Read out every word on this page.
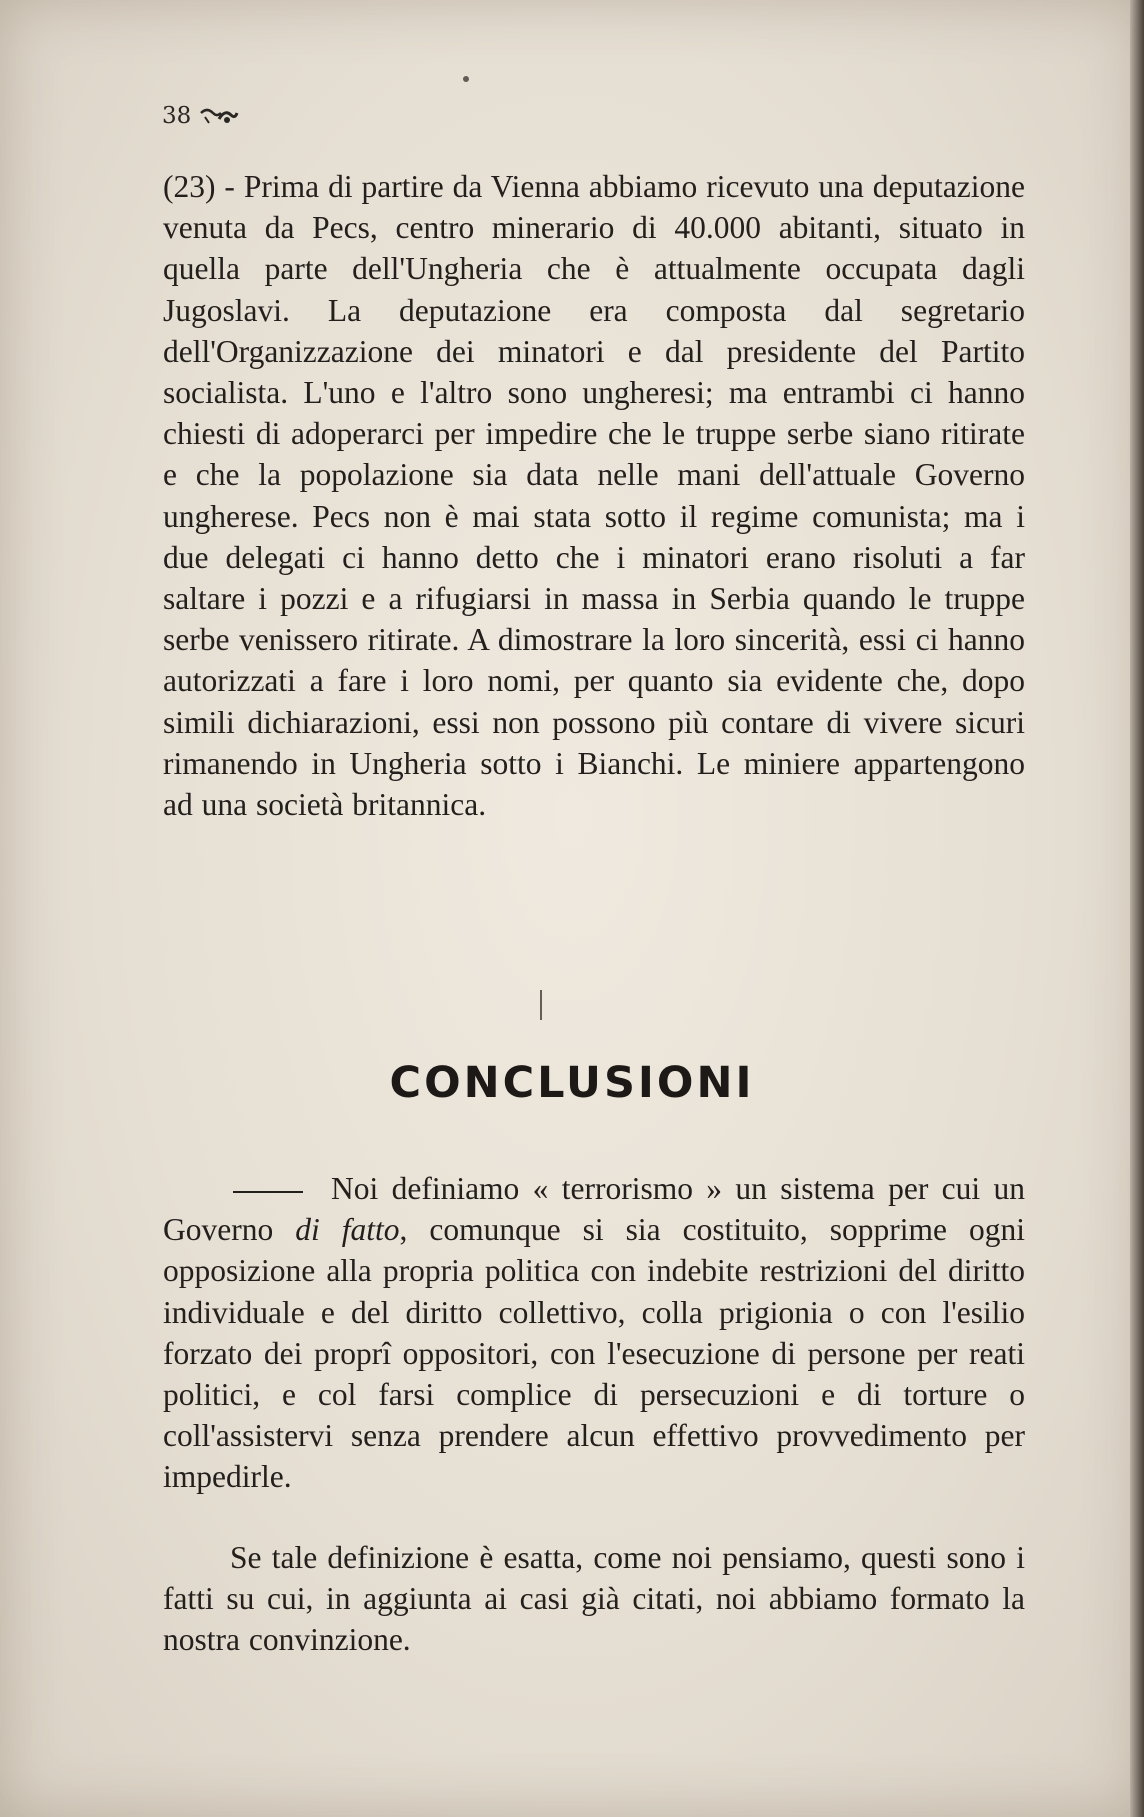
38
(23) - Prima di partire da Vienna abbiamo ricevuto una deputazione venuta da Pecs, centro minerario di 40.000 abitanti, situato in quella parte dell'Ungheria che è attualmente occupata dagli Jugoslavi. La deputazione era composta dal segretario dell'Organizzazione dei minatori e dal presidente del Partito socialista. L'uno e l'altro sono ungheresi; ma entrambi ci hanno chiesti di adoperarci per impedire che le truppe serbe siano ritirate e che la popolazione sia data nelle mani dell'attuale Governo ungherese. Pecs non è mai stata sotto il regime comunista; ma i due delegati ci hanno detto che i minatori erano risoluti a far saltare i pozzi e a rifugiarsi in massa in Serbia quando le truppe serbe venissero ritirate. A dimostrare la loro sincerità, essi ci hanno autorizzati a fare i loro nomi, per quanto sia evidente che, dopo simili dichiarazioni, essi non possono più contare di vivere sicuri rimanendo in Ungheria sotto i Bianchi. Le miniere appartengono ad una società britannica.
CONCLUSIONI
Noi definiamo « terrorismo » un sistema per cui un Governo di fatto, comunque si sia costituito, sopprime ogni opposizione alla propria politica con indebite restrizioni del diritto individuale e del diritto collettivo, colla prigionia o con l'esilio forzato dei proprî oppositori, con l'esecuzione di persone per reati politici, e col farsi complice di persecuzioni e di torture o coll'assistervi senza prendere alcun effettivo provvedimento per impedirle.
Se tale definizione è esatta, come noi pensiamo, questi sono i fatti su cui, in aggiunta ai casi già citati, noi abbiamo formato la nostra convinzione.
